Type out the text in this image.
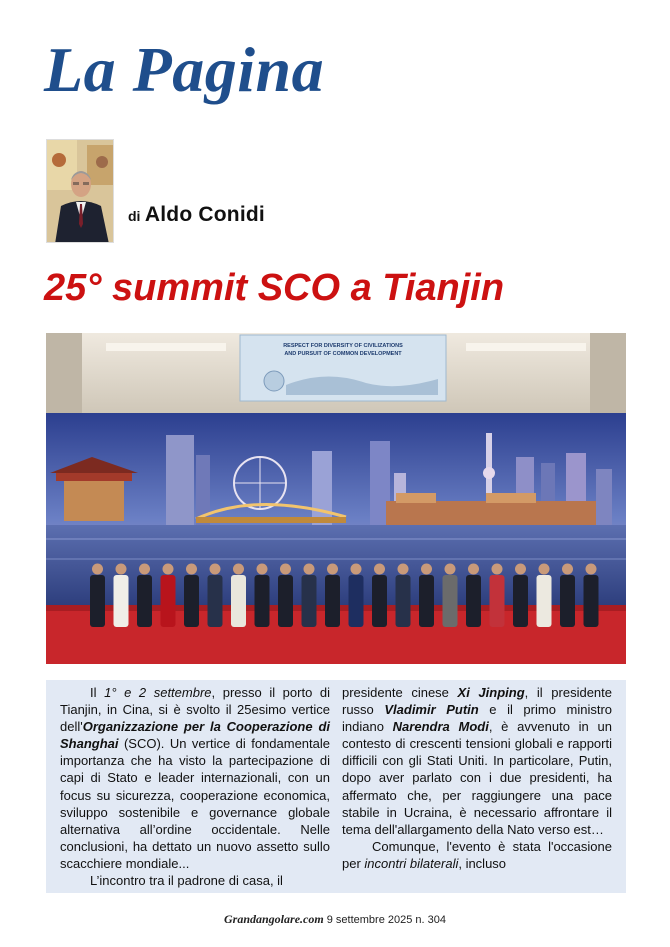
La Pagina
di Aldo Conidi
25° summit SCO a Tianjin
RESPECT FOR DIVERSITY OF CIVILIZATIONS
AND PURSUIT OF COMMON DEVELOPMENT

Il 1° e 2 settembre, presso il porto di Tianjin, in Cina, si è svolto il 25esimo vertice dell'Organizzazione per la Cooperazione di Shanghai (SCO). Un vertice di fondamentale importanza che ha visto la partecipazione di capi di Stato e leader internazionali, con un focus su sicurezza, cooperazione economica, sviluppo sostenibile e governance globale alternativa all’ordine occidentale. Nelle conclusioni, ha dettato un nuovo assetto sullo scacchiere mondiale...

L’incontro tra il padrone di casa, il

presidente cinese Xi Jinping, il presidente russo Vladimir Putin e il primo ministro indiano Narendra Modi, è avvenuto in un contesto di crescenti tensioni globali e rapporti difficili con gli Stati Uniti. In particolare, Putin, dopo aver parlato con i due presidenti, ha affermato che, per raggiungere una pace stabile in Ucraina, è necessario affrontare il tema dell'allargamento della Nato verso est…

Comunque, l'evento è stata l'occasione per incontri bilaterali, incluso

Grandangolare.com 9 settembre 2025 n. 304
